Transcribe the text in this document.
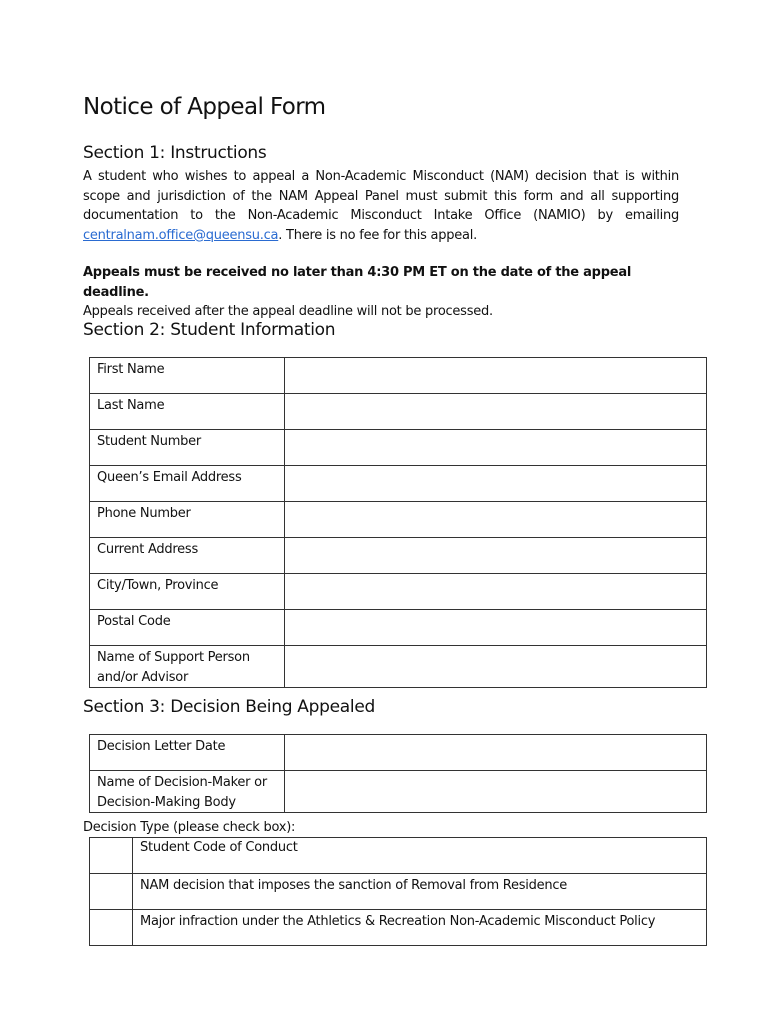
Notice of Appeal Form
Section 1: Instructions

A student who wishes to appeal a Non-Academic Misconduct (NAM) decision that is within scope and jurisdiction of the NAM Appeal Panel must submit this form and all supporting documentation to the Non-Academic Misconduct Intake Office (NAMIO) by emailing centralnam.office@queensu.ca. There is no fee for this appeal.

Appeals must be received no later than 4:30 PM ET on the date of the appeal deadline.
Appeals received after the appeal deadline will not be processed.

Section 2: Student Information
First Name	
Last Name	
Student Number	
Queen’s Email Address	
Phone Number	
Current Address	
City/Town, Province	
Postal Code	
Name of Support Person and/or Advisor	
Section 3: Decision Being Appealed
Decision Letter Date	
Name of Decision-Maker or Decision-Making Body	

Decision Type (please check box):

	Student Code of Conduct
	NAM decision that imposes the sanction of Removal from Residence
	Major infraction under the Athletics & Recreation Non-Academic Misconduct Policy
